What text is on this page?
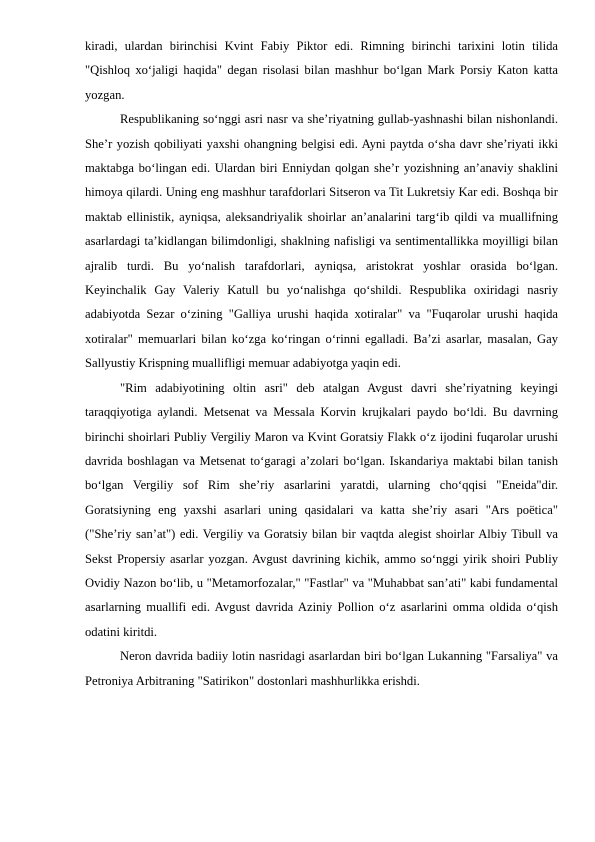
kiradi, ulardan birinchisi Kvint Fabiy Piktor edi. Rimning birinchi tarixini lotin tilida "Qishloq xo‘jaligi haqida" degan risolasi bilan mashhur bo‘lgan Mark Porsiy Katon katta yozgan.

Respublikaning so‘nggi asri nasr va she’riyatning gullab-yashnashi bilan nishonlandi. She’r yozish qobiliyati yaxshi ohangning belgisi edi. Ayni paytda o‘sha davr she’riyati ikki maktabga bo‘lingan edi. Ulardan biri Enniydan qolgan she’r yozishning an’anaviy shaklini himoya qilardi. Uning eng mashhur tarafdorlari Sitseron va Tit Lukretsiy Kar edi. Boshqa bir maktab ellinistik, ayniqsa, aleksandriyalik shoirlar an’analarini targ‘ib qildi va muallifning asarlardagi ta’kidlangan bilimdonligi, shaklning nafisligi va sentimentallikka moyilligi bilan ajralib turdi. Bu yo‘nalish tarafdorlari, ayniqsa, aristokrat yoshlar orasida bo‘lgan. Keyinchalik Gay Valeriy Katull bu yo‘nalishga qo‘shildi. Respublika oxiridagi nasriy adabiyotda Sezar o‘zining "Galliya urushi haqida xotiralar" va "Fuqarolar urushi haqida xotiralar" memuarlari bilan ko‘zga ko‘ringan o‘rinni egalladi. Ba’zi asarlar, masalan, Gay Sallyustiy Krispning muallifligi memuar adabiyotga yaqin edi.

"Rim adabiyotining oltin asri" deb atalgan Avgust davri she’riyatning keyingi taraqqiyotiga aylandi. Metsenat va Messala Korvin krujkalari paydo bo‘ldi. Bu davrning birinchi shoirlari Publiy Vergiliy Maron va Kvint Goratsiy Flakk o‘z ijodini fuqarolar urushi davrida boshlagan va Metsenat to‘garagi a’zolari bo‘lgan. Iskandariya maktabi bilan tanish bo‘lgan Vergiliy sof Rim she’riy asarlarini yaratdi, ularning cho‘qqisi "Eneida"dir. Goratsiyning eng yaxshi asarlari uning qasidalari va katta she’riy asari "Ars poëtica" ("She’riy san’at") edi. Vergiliy va Goratsiy bilan bir vaqtda alegist shoirlar Albiy Tibull va Sekst Propersiy asarlar yozgan. Avgust davrining kichik, ammo so‘nggi yirik shoiri Publiy Ovidiy Nazon bo‘lib, u "Metamorfozalar," "Fastlar" va "Muhabbat san’ati" kabi fundamental asarlarning muallifi edi. Avgust davrida Aziniy Pollion o‘z asarlarini omma oldida o‘qish odatini kiritdi.

Neron davrida badiiy lotin nasridagi asarlardan biri bo‘lgan Lukanning "Farsaliya" va Petroniya Arbitraning "Satirikon" dostonlari mashhurlikka erishdi.
